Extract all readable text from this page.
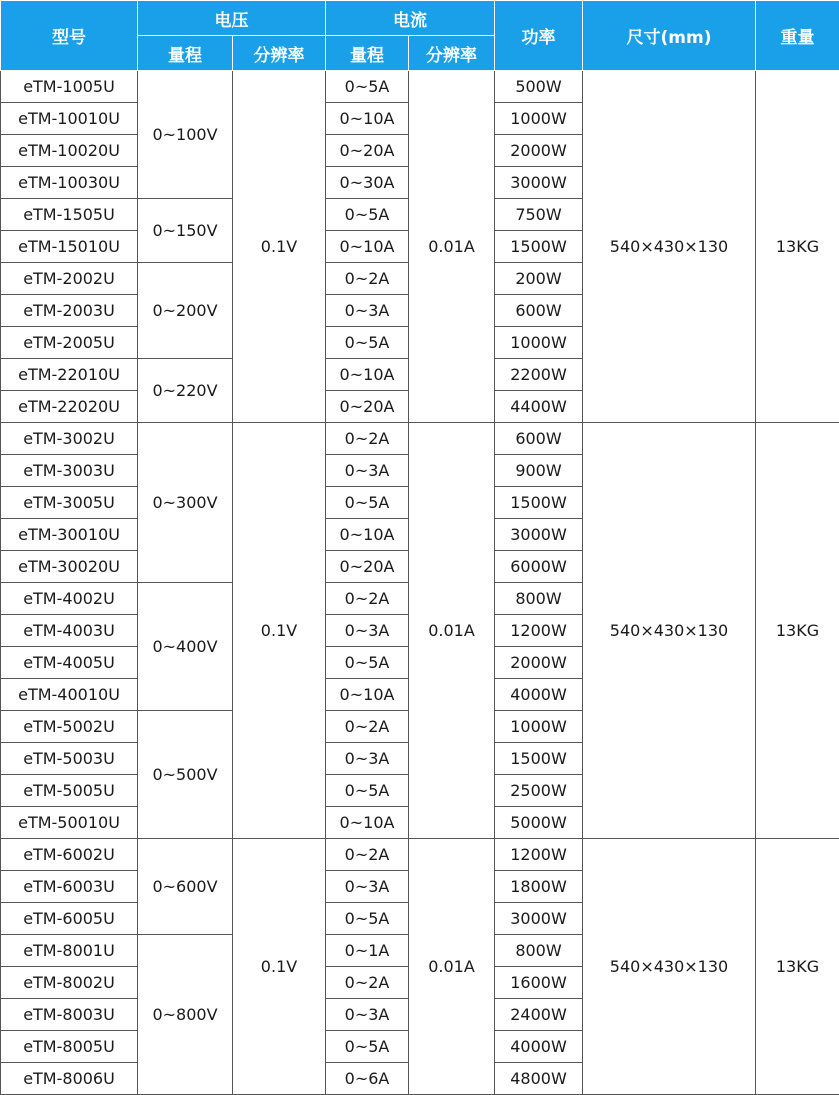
型号	电压		电流		功率	尺寸(mm)	重量
	量程	分辨率	量程	分辨率			
eTM-1005U	0~100V	0.1V	0~5A	0.01A	500W	540×430×130	13KG
eTM-10010U			0~10A		1000W		
eTM-10020U			0~20A		2000W		
eTM-10030U			0~30A		3000W		
eTM-1505U	0~150V		0~5A		750W		
eTM-15010U			0~10A		1500W		
eTM-2002U	0~200V		0~2A		200W		
eTM-2003U			0~3A		600W		
eTM-2005U			0~5A		1000W		
eTM-22010U	0~220V		0~10A		2200W		
eTM-22020U			0~20A		4400W		
eTM-3002U	0~300V	0.1V	0~2A	0.01A	600W	540×430×130	13KG
eTM-3003U			0~3A		900W		
eTM-3005U			0~5A		1500W		
eTM-30010U			0~10A		3000W		
eTM-30020U			0~20A		6000W		
eTM-4002U	0~400V		0~2A		800W		
eTM-4003U			0~3A		1200W		
eTM-4005U			0~5A		2000W		
eTM-40010U			0~10A		4000W		
eTM-5002U	0~500V		0~2A		1000W		
eTM-5003U			0~3A		1500W		
eTM-5005U			0~5A		2500W		
eTM-50010U			0~10A		5000W		
eTM-6002U	0~600V	0.1V	0~2A	0.01A	1200W	540×430×130	13KG
eTM-6003U			0~3A		1800W		
eTM-6005U			0~5A		3000W		
eTM-8001U	0~800V		0~1A		800W		
eTM-8002U			0~2A		1600W		
eTM-8003U			0~3A		2400W		
eTM-8005U			0~5A		4000W		
eTM-8006U			0~6A		4800W		
